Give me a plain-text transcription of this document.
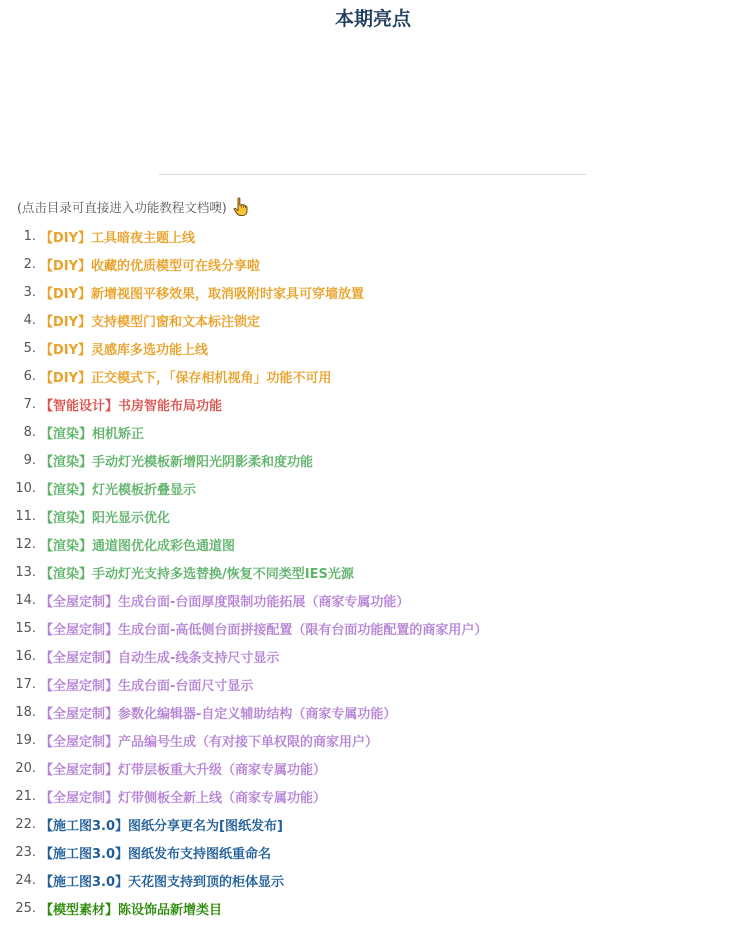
本期亮点
(点击目录可直接进入功能教程文档噢)
1. 【DIY】工具暗夜主题上线
2. 【DIY】收藏的优质模型可在线分享啦
3. 【DIY】新增视图平移效果，取消吸附时家具可穿墙放置
4. 【DIY】支持模型门窗和文本标注锁定
5. 【DIY】灵感库多选功能上线
6. 【DIY】正交模式下，「保存相机视角」功能不可用
7. 【智能设计】书房智能布局功能
8. 【渲染】相机矫正
9. 【渲染】手动灯光模板新增阳光阴影柔和度功能
10. 【渲染】灯光模板折叠显示
11. 【渲染】阳光显示优化
12. 【渲染】通道图优化成彩色通道图
13. 【渲染】手动灯光支持多选替换/恢复不同类型IES光源
14. 【全屋定制】生成台面-台面厚度限制功能拓展（商家专属功能）
15. 【全屋定制】生成台面-高低侧台面拼接配置（限有台面功能配置的商家用户）
16. 【全屋定制】自动生成-线条支持尺寸显示
17. 【全屋定制】生成台面-台面尺寸显示
18. 【全屋定制】参数化编辑器-自定义辅助结构（商家专属功能）
19. 【全屋定制】产品编号生成（有对接下单权限的商家用户）
20. 【全屋定制】灯带层板重大升级（商家专属功能）
21. 【全屋定制】灯带侧板全新上线（商家专属功能）
22. 【施工图3.0】图纸分享更名为[图纸发布]
23. 【施工图3.0】图纸发布支持图纸重命名
24. 【施工图3.0】天花图支持到顶的柜体显示
25. 【模型素材】陈设饰品新增类目
